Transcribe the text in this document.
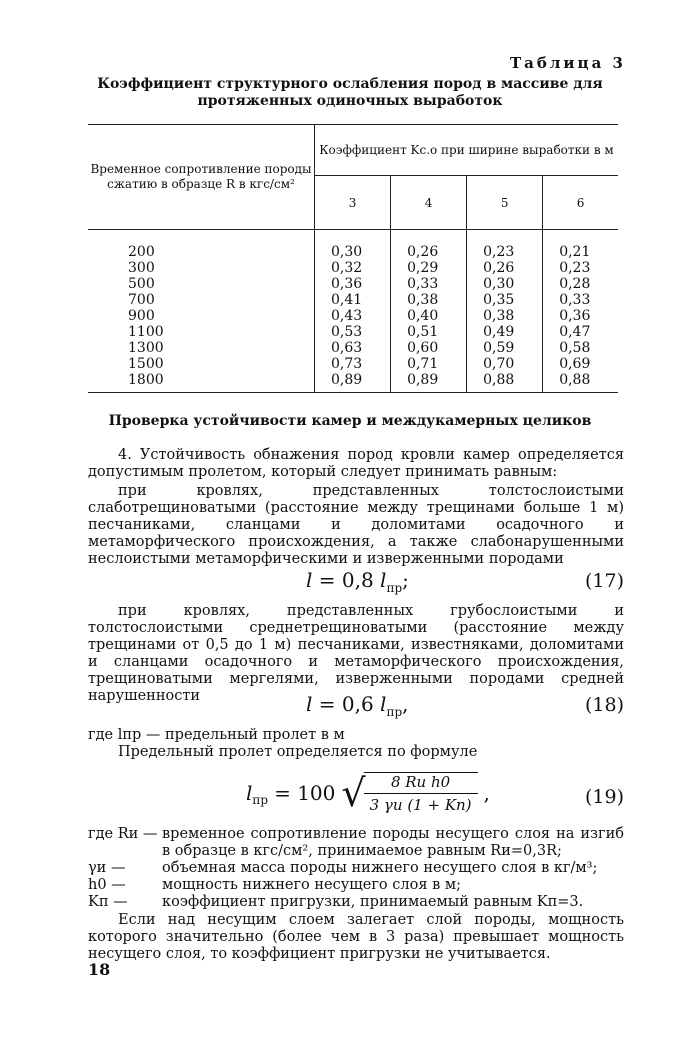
Таблица 3
Коэффициент структурного ослабления пород в массиве для протяженных одиночных выработок
Временное сопротивление породы сжатию в образце R в кгс/см²	Коэффициент Kс.о при ширине выработки в м			
	3	4	5	6
200	0,30	0,26	0,23	0,21
300	0,32	0,29	0,26	0,23
500	0,36	0,33	0,30	0,28
700	0,41	0,38	0,35	0,33
900	0,43	0,40	0,38	0,36
1100	0,53	0,51	0,49	0,47
1300	0,63	0,60	0,59	0,58
1500	0,73	0,71	0,70	0,69
1800	0,89	0,89	0,88	0,88
Проверка устойчивости камер и междукамерных целиков
4. Устойчивость обнажения пород кровли камер определяется допустимым пролетом, который следует принимать равным:
при кровлях, представленных толстослоистыми слаботрещиноватыми (расстояние между трещинами больше 1 м) песчаниками, сланцами и доломитами осадочного и метаморфического происхождения, а также слабонарушенными неслоистыми метаморфическими и изверженными породами
l = 0,8 $l_{пр}$;	(17)
при кровлях, представленных грубослоистыми и толстослоистыми среднетрещиноватыми (расстояние между трещинами от 0,5 до 1 м) песчаниками, известняками, доломитами и сланцами осадочного и метаморфического происхождения, трещиноватыми мергелями, изверженными породами средней нарушенности	l = 0,6 $l_{пр}$,	(18)
где lпр — предельный пролет в м
Предельный пролет определяется по формуле
$l_{пр} = 100$ √
$\frac{\text{8 Rи h0}}{3 \gamma и (1 + Kп)}$ ,	(19)
где Rи — временное сопротивление породы несущего слоя на изгиб в образце в кгс/см², принимаемое равным Rи=0,3R;
γи —	объемная масса породы нижнего несущего слоя в кг/м³;
h0 —	мощность нижнего несущего слоя в м;
Kп —	коэффициент пригрузки, принимаемый равным Kп=3.
Если над несущим слоем залегает слой породы, мощность которого значительно (более чем в 3 раза) превышает мощность несущего слоя, то коэффициент пригрузки не учитывается.
18
